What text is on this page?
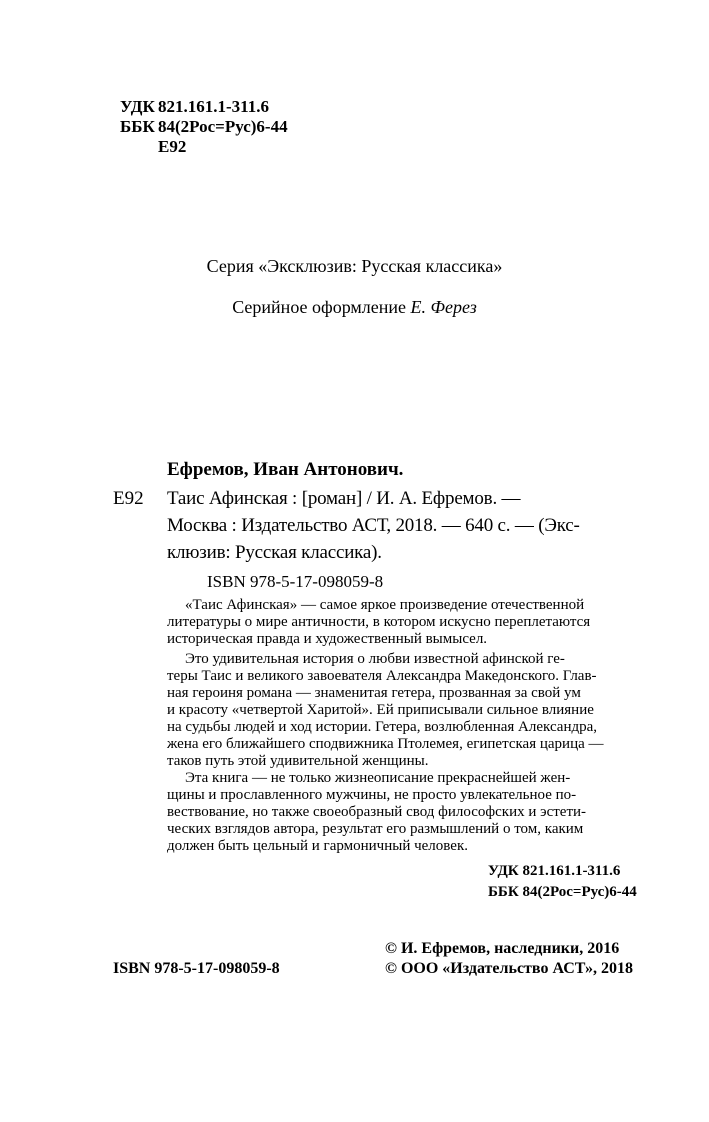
УДК 821.161.1-311.6
ББК 84(2Рос=Рус)6-44
Е92
Серия «Эксклюзив: Русская классика»
Серийное оформление Е. Ферез
Ефремов, Иван Антонович.
Е92 Таис Афинская : [роман] / И. А. Ефремов. —
Москва : Издательство АСТ, 2018. — 640 с. — (Экс-
клюзив: Русская классика).
ISBN 978-5-17-098059-8
«Таис Афинская» — самое яркое произведение отечественной
литературы о мире античности, в котором искусно переплетаются
историческая правда и художественный вымысел.
Это удивительная история о любви известной афинской ге-
теры Таис и великого завоевателя Александра Македонского. Глав-
ная героиня романа — знаменитая гетера, прозванная за свой ум
и красоту «четвертой Харитой». Ей приписывали сильное влияние
на судьбы людей и ход истории. Гетера, возлюбленная Александра,
жена его ближайшего сподвижника Птолемея, египетская царица —
таков путь этой удивительной женщины.
Эта книга — не только жизнеописание прекраснейшей жен-
щины и прославленного мужчины, не просто увлекательное по-
вествование, но также своеобразный свод философских и эстети-
ческих взглядов автора, результат его размышлений о том, каким
должен быть цельный и гармоничный человек.
УДК 821.161.1-311.6
ББК 84(2Рос=Рус)6-44
ISBN 978-5-17-098059-8
© И. Ефремов, наследники, 2016
© ООО «Издательство АСТ», 2018
